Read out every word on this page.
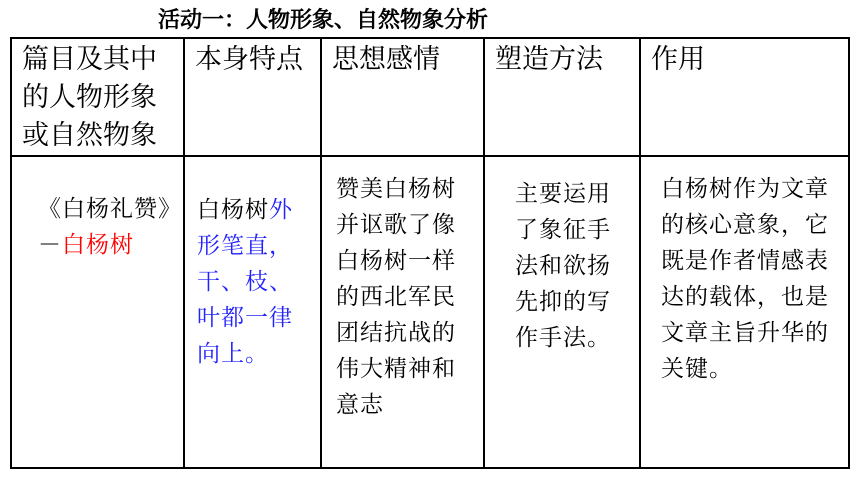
活动一：人物形象、自然物象分析
篇目及其中的人物形象或自然物象	本身特点	思想感情	塑造方法	作用
《白杨礼赞》－白杨树	白杨树外形笔直，干、枝、叶都一律向上。	赞美白杨树并讴歌了像白杨树一样的西北军民团结抗战的伟大精神和意志	主要运用了象征手法和欲扬先抑的写作手法。	白杨树作为文章的核心意象，它既是作者情感表达的载体，也是文章主旨升华的关键。
